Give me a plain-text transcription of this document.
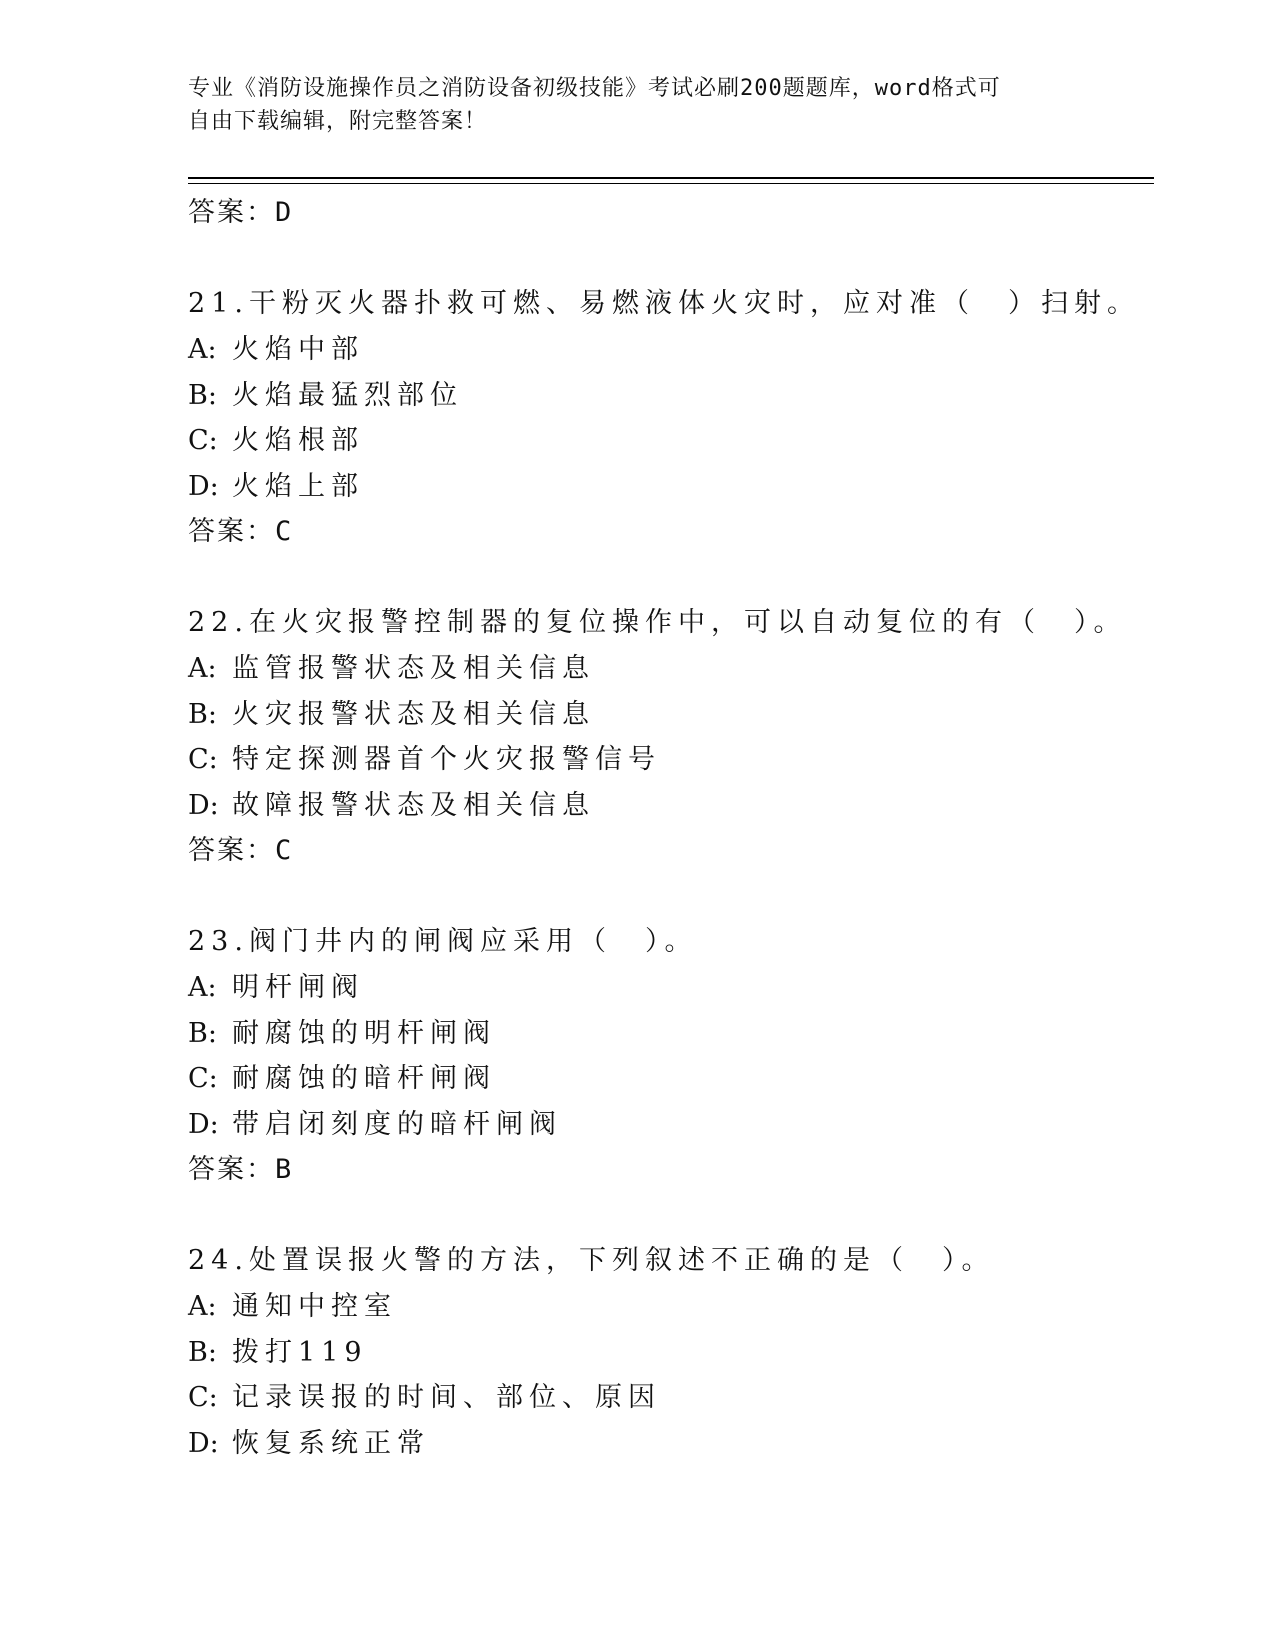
专业《消防设施操作员之消防设备初级技能》考试必刷200题题库，word格式可
自由下载编辑，附完整答案！
答案：D
21.干粉灭火器扑救可燃、易燃液体火灾时，应对准（　）扫射。
A: 火焰中部
B: 火焰最猛烈部位
C: 火焰根部
D: 火焰上部
答案：C
22.在火灾报警控制器的复位操作中，可以自动复位的有（　）。
A: 监管报警状态及相关信息
B: 火灾报警状态及相关信息
C: 特定探测器首个火灾报警信号
D: 故障报警状态及相关信息
答案：C
23.阀门井内的闸阀应采用（　）。
A: 明杆闸阀
B: 耐腐蚀的明杆闸阀
C: 耐腐蚀的暗杆闸阀
D: 带启闭刻度的暗杆闸阀
答案：B
24.处置误报火警的方法，下列叙述不正确的是（　）。
A: 通知中控室
B: 拨打119
C: 记录误报的时间、部位、原因
D: 恢复系统正常
